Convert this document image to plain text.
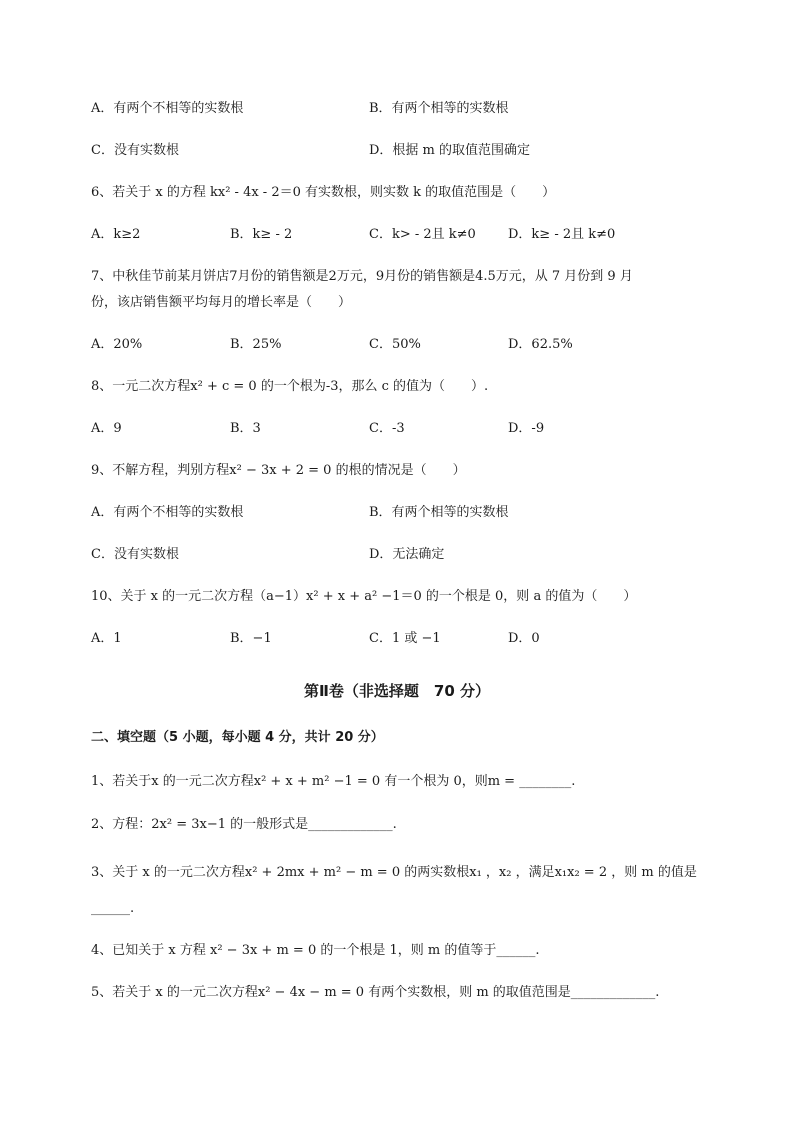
A．有两个不相等的实数根	B．有两个相等的实数根
C．没有实数根	D．根据 m 的取值范围确定
6、若关于 x 的方程 kx² - 4x - 2＝0 有实数根，则实数 k 的取值范围是（　　）
A．k≥2	B．k≥ - 2	C．k> - 2且 k≠0 D．k≥ - 2且 k≠0
7、中秋佳节前某月饼店7月份的销售额是2万元，9月份的销售额是4.5万元，从 7 月份到 9 月
份，该店销售额平均每月的增长率是（　　）
A．20%	B．25%	C．50%	D．62.5%
8、一元二次方程x² + c = 0 的一个根为-3，那么 c 的值为（　　）.
A．9	B．3	C．-3	D．-9
9、不解方程，判别方程x² − 3x + 2 = 0 的根的情况是（　　）
A．有两个不相等的实数根	B．有两个相等的实数根
C．没有实数根	D．无法确定
10、关于 x 的一元二次方程（a−1）x² + x + a² −1＝0 的一个根是 0，则 a 的值为（　　）
A．1	B．−1	C．1 或 −1	D．0
第Ⅱ卷（非选择题　70 分）
二、填空题（5 小题，每小题 4 分，共计 20 分）
1、若关于x 的一元二次方程x² + x + m² −1 = 0 有一个根为 0，则m = ________.
2、方程：2x² = 3x−1 的一般形式是_____________.
3、关于 x 的一元二次方程x² + 2mx + m² − m = 0 的两实数根x₁ ，x₂ ，满足x₁x₂ = 2 ，则 m 的值是
______.
4、已知关于 x 方程 x² − 3x + m = 0 的一个根是 1，则 m 的值等于______.
5、若关于 x 的一元二次方程x² − 4x − m = 0 有两个实数根，则 m 的取值范围是_____________.
